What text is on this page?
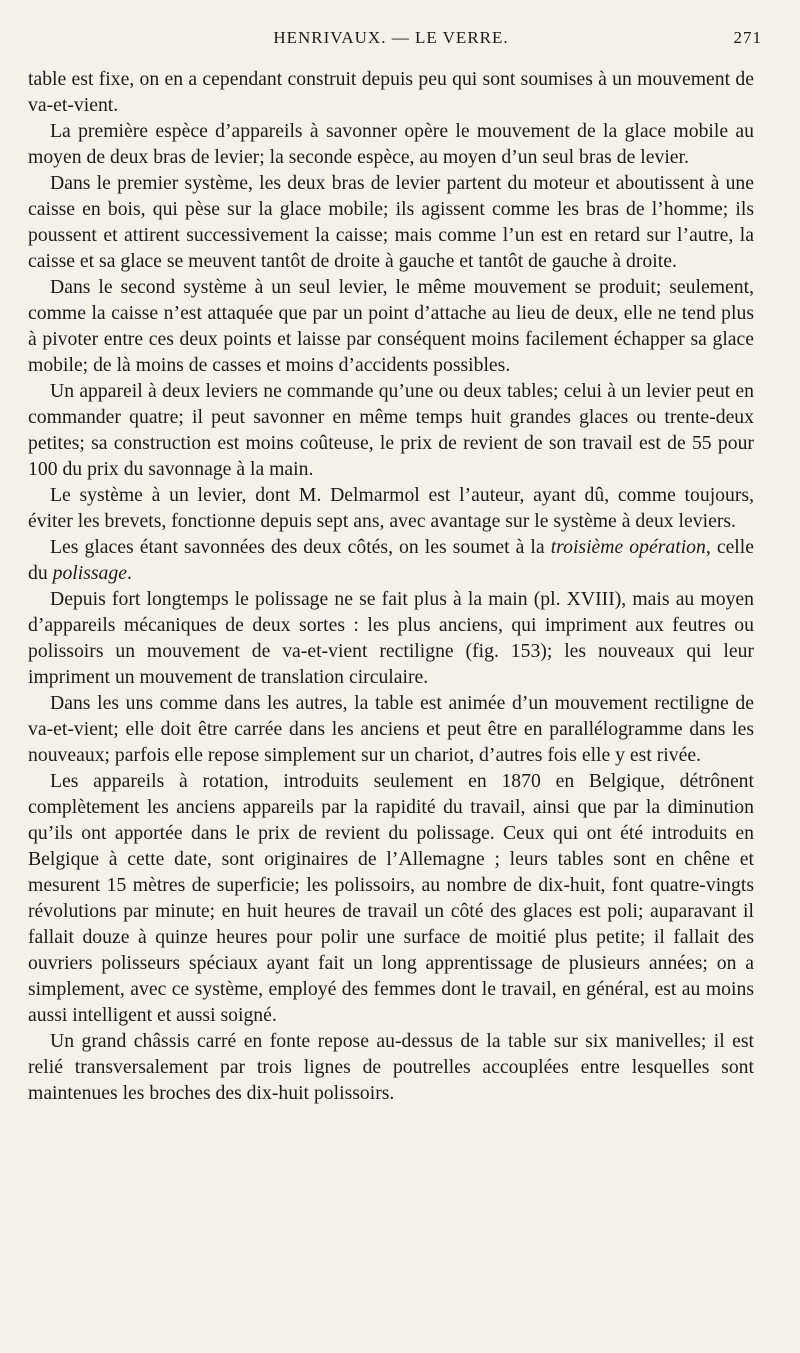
HENRIVAUX. — LE VERRE.	271

table est fixe, on en a cependant construit depuis peu qui sont soumises à un mouvement de va-et-vient.

La première espèce d’appareils à savonner opère le mouvement de la glace mobile au moyen de deux bras de levier; la seconde espèce, au moyen d’un seul bras de levier.

Dans le premier système, les deux bras de levier partent du moteur et aboutissent à une caisse en bois, qui pèse sur la glace mobile; ils agissent comme les bras de l’homme; ils poussent et attirent successivement la caisse; mais comme l’un est en retard sur l’autre, la caisse et sa glace se meuvent tantôt de droite à gauche et tantôt de gauche à droite.

Dans le second système à un seul levier, le même mouvement se produit; seulement, comme la caisse n’est attaquée que par un point d’attache au lieu de deux, elle ne tend plus à pivoter entre ces deux points et laisse par conséquent moins facilement échapper sa glace mobile; de là moins de casses et moins d’accidents possibles.

Un appareil à deux leviers ne commande qu’une ou deux tables; celui à un levier peut en commander quatre; il peut savonner en même temps huit grandes glaces ou trente-deux petites; sa construction est moins coûteuse, le prix de revient de son travail est de 55 pour 100 du prix du savonnage à la main.

Le système à un levier, dont M. Delmarmol est l’auteur, ayant dû, comme toujours, éviter les brevets, fonctionne depuis sept ans, avec avantage sur le système à deux leviers.

Les glaces étant savonnées des deux côtés, on les soumet à la troisième opération, celle du polissage.

Depuis fort longtemps le polissage ne se fait plus à la main (pl. XVIII), mais au moyen d’appareils mécaniques de deux sortes : les plus anciens, qui impriment aux feutres ou polissoirs un mouvement de va-et-vient rectiligne (fig. 153); les nouveaux qui leur impriment un mouvement de translation circulaire.

Dans les uns comme dans les autres, la table est animée d’un mouvement rectiligne de va-et-vient; elle doit être carrée dans les anciens et peut être en parallélogramme dans les nouveaux; parfois elle repose simplement sur un chariot, d’autres fois elle y est rivée.

Les appareils à rotation, introduits seulement en 1870 en Belgique, détrônent complètement les anciens appareils par la rapidité du travail, ainsi que par la diminution qu’ils ont apportée dans le prix de revient du polissage. Ceux qui ont été introduits en Belgique à cette date, sont originaires de l’Allemagne ; leurs tables sont en chêne et mesurent 15 mètres de superficie; les polissoirs, au nombre de dix-huit, font quatre-vingts révolutions par minute; en huit heures de travail un côté des glaces est poli; auparavant il fallait douze à quinze heures pour polir une surface de moitié plus petite; il fallait des ouvriers polisseurs spéciaux ayant fait un long apprentissage de plusieurs années; on a simplement, avec ce système, employé des femmes dont le travail, en général, est au moins aussi intelligent et aussi soigné.

Un grand châssis carré en fonte repose au-dessus de la table sur six manivelles; il est relié transversalement par trois lignes de poutrelles accouplées entre lesquelles sont maintenues les broches des dix-huit polissoirs.
